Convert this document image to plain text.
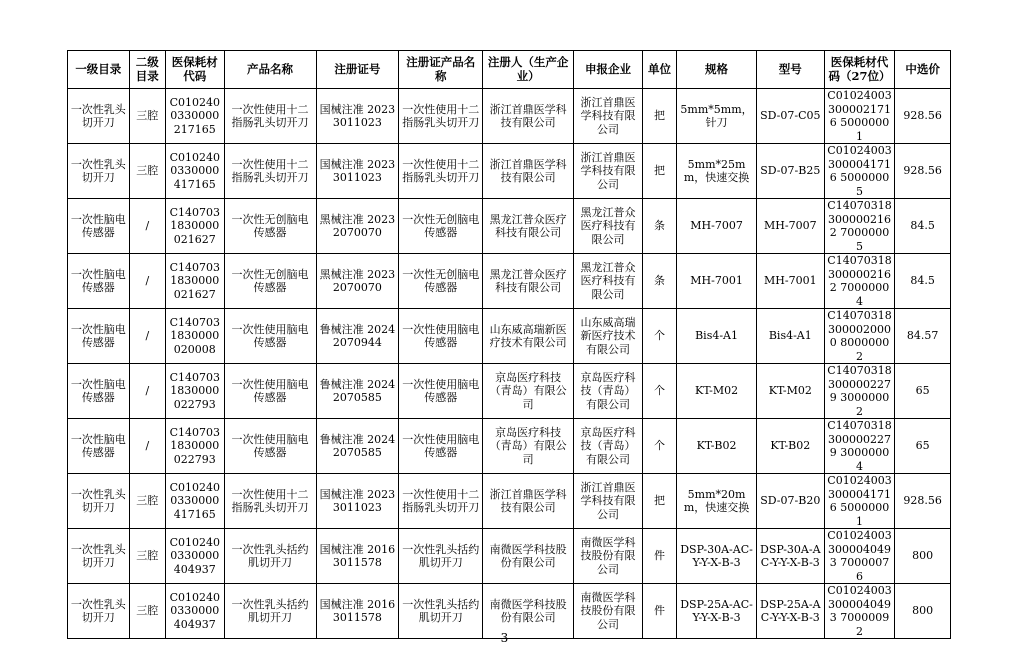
一级目录	二级目录	医保耗材代码	产品名称	注册证号	注册证产品名称	注册人（生产企业）	申报企业	单位	规格	型号	医保耗材代码（27位）	中选价
一次性乳头切开刀	三腔	C010240 0330000 217165	一次性使用十二指肠乳头切开刀	国械注准 20233011023	一次性使用十二指肠乳头切开刀	浙江首鼎医学科技有限公司	浙江首鼎医学科技有限公司	把	5mm*5mm，针刀	SD-07-C05	C01024003 3000021716 50000001	928.56
一次性乳头切开刀	三腔	C010240 0330000 417165	一次性使用十二指肠乳头切开刀	国械注准 20233011023	一次性使用十二指肠乳头切开刀	浙江首鼎医学科技有限公司	浙江首鼎医学科技有限公司	把	5mm*25mm，快速交换	SD-07-B25	C01024003 3000041716 50000005	928.56
一次性脑电传感器	/	C140703 1830000 021627	一次性无创脑电传感器	黑械注准 20232070070	一次性无创脑电传感器	黑龙江普众医疗科技有限公司	黑龙江普众医疗科技有限公司	条	MH-7007	MH-7007	C14070318 3000002162 70000005	84.5
一次性脑电传感器	/	C140703 1830000 021627	一次性无创脑电传感器	黑械注准 20232070070	一次性无创脑电传感器	黑龙江普众医疗科技有限公司	黑龙江普众医疗科技有限公司	条	MH-7001	MH-7001	C14070318 3000002162 70000004	84.5
一次性脑电传感器	/	C140703 1830000 020008	一次性使用脑电传感器	鲁械注准 20242070944	一次性使用脑电传感器	山东威高瑞新医疗技术有限公司	山东威高瑞新医疗技术有限公司	个	Bis4-A1	Bis4-A1	C14070318 3000020000 80000002	84.57
一次性脑电传感器	/	C140703 1830000 022793	一次性使用脑电传感器	鲁械注准 20242070585	一次性使用脑电传感器	京岛医疗科技（青岛）有限公司	京岛医疗科技（青岛）有限公司	个	KT-M02	KT-M02	C14070318 3000002279 30000002	65
一次性脑电传感器	/	C140703 1830000 022793	一次性使用脑电传感器	鲁械注准 20242070585	一次性使用脑电传感器	京岛医疗科技（青岛）有限公司	京岛医疗科技（青岛）有限公司	个	KT-B02	KT-B02	C14070318 3000002279 30000004	65
一次性乳头切开刀	三腔	C010240 0330000 417165	一次性使用十二指肠乳头切开刀	国械注准 20233011023	一次性使用十二指肠乳头切开刀	浙江首鼎医学科技有限公司	浙江首鼎医学科技有限公司	把	5mm*20mm，快速交换	SD-07-B20	C01024003 3000041716 50000001	928.56
一次性乳头切开刀	三腔	C010240 0330000 404937	一次性乳头括约肌切开刀	国械注准 20163011578	一次性乳头括约肌切开刀	南微医学科技股份有限公司	南微医学科技股份有限公司	件	DSP-30A-AC-Y-Y-X-B-3	DSP-30A-AC-Y-Y-X-B-3	C01024003 3000040493 70000076	800
一次性乳头切开刀	三腔	C010240 0330000 404937	一次性乳头括约肌切开刀	国械注准 20163011578	一次性乳头括约肌切开刀	南微医学科技股份有限公司	南微医学科技股份有限公司	件	DSP-25A-AC-Y-Y-X-B-3	DSP-25A-AC-Y-Y-X-B-3	C01024003 3000040493 70000092	800
— 3 —
